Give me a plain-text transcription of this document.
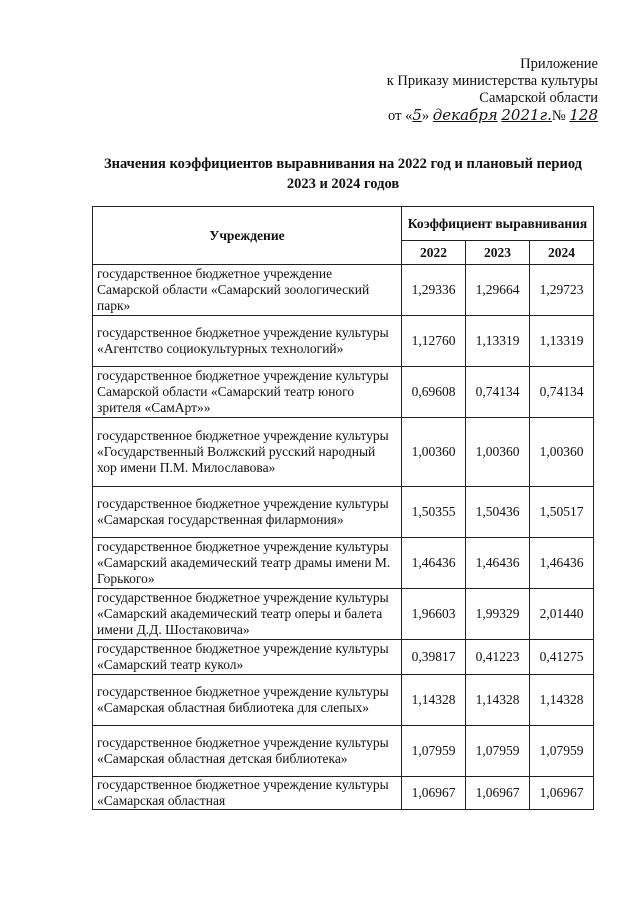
Приложение
к Приказу министерства культуры
Самарской области
от «5» декабря 2021г.№ 128
Значения коэффициентов выравнивания на 2022 год и плановый период
2023 и 2024 годов
Учреждение	Коэффициент выравнивания		
	2022	2023	2024
государственное бюджетное учреждение Самарской области «Самарский зоологический парк»	1,29336	1,29664	1,29723
государственное бюджетное учреждение культуры «Агентство социокультурных технологий»	1,12760	1,13319	1,13319
государственное бюджетное учреждение культуры Самарской области «Самарский театр юного зрителя «СамАрт»»	0,69608	0,74134	0,74134
государственное бюджетное учреждение культуры «Государственный Волжский русский народный хор имени П.М. Милославова»	1,00360	1,00360	1,00360
государственное бюджетное учреждение культуры «Самарская государственная филармония»	1,50355	1,50436	1,50517
государственное бюджетное учреждение культуры «Самарский академический театр драмы имени М. Горького»	1,46436	1,46436	1,46436
государственное бюджетное учреждение культуры «Самарский академический театр оперы и балета имени Д.Д. Шостаковича»	1,96603	1,99329	2,01440
государственное бюджетное учреждение культуры «Самарский театр кукол»	0,39817	0,41223	0,41275
государственное бюджетное учреждение культуры «Самарская областная библиотека для слепых»	1,14328	1,14328	1,14328
государственное бюджетное учреждение культуры «Самарская областная детская библиотека»	1,07959	1,07959	1,07959
государственное бюджетное учреждение культуры «Самарская областная	1,06967	1,06967	1,06967
